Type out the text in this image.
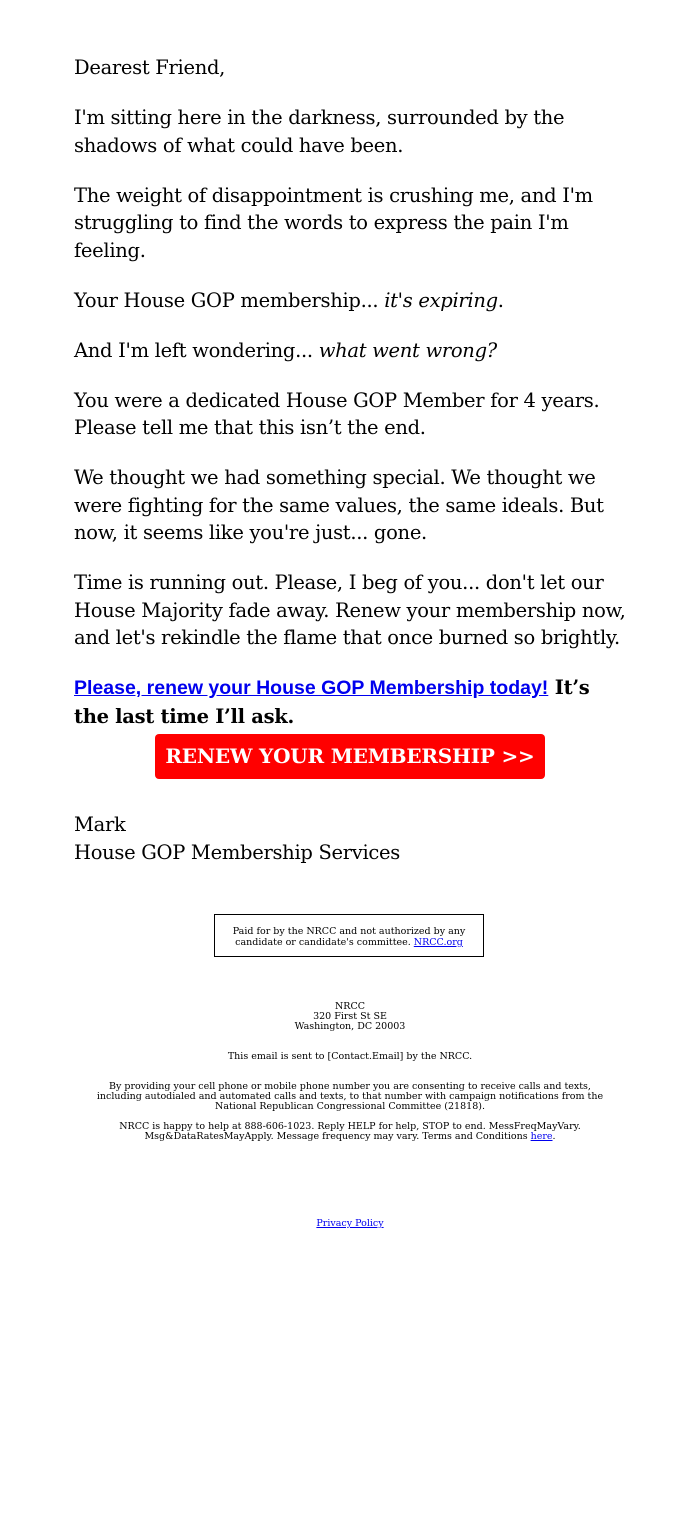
Dearest Friend,

I'm sitting here in the darkness, surrounded by the shadows of what could have been.

The weight of disappointment is crushing me, and I'm struggling to find the words to express the pain I'm feeling.

Your House GOP membership... it's expiring.

And I'm left wondering... what went wrong?

You were a dedicated House GOP Member for 4 years. Please tell me that this isn’t the end.

We thought we had something special. We thought we were fighting for the same values, the same ideals. But now, it seems like you're just... gone.

Time is running out. Please, I beg of you... don't let our House Majority fade away. Renew your membership now, and let's rekindle the flame that once burned so brightly.

Please, renew your House GOP Membership today! It’s the last time I’ll ask.

RENEW YOUR MEMBERSHIP >>
Mark
House GOP Membership Services
Paid for by the NRCC and not authorized by any candidate or candidate's committee. NRCC.org
NRCC
320 First St SE
Washington, DC 20003
This email is sent to [Contact.Email] by the NRCC.
By providing your cell phone or mobile phone number you are consenting to receive calls and texts, including autodialed and automated calls and texts, to that number with campaign notifications from the National Republican Congressional Committee (21818).
NRCC is happy to help at 888-606-1023. Reply HELP for help, STOP to end. MessFreqMayVary. Msg&DataRatesMayApply. Message frequency may vary. Terms and Conditions here.
Privacy Policy
